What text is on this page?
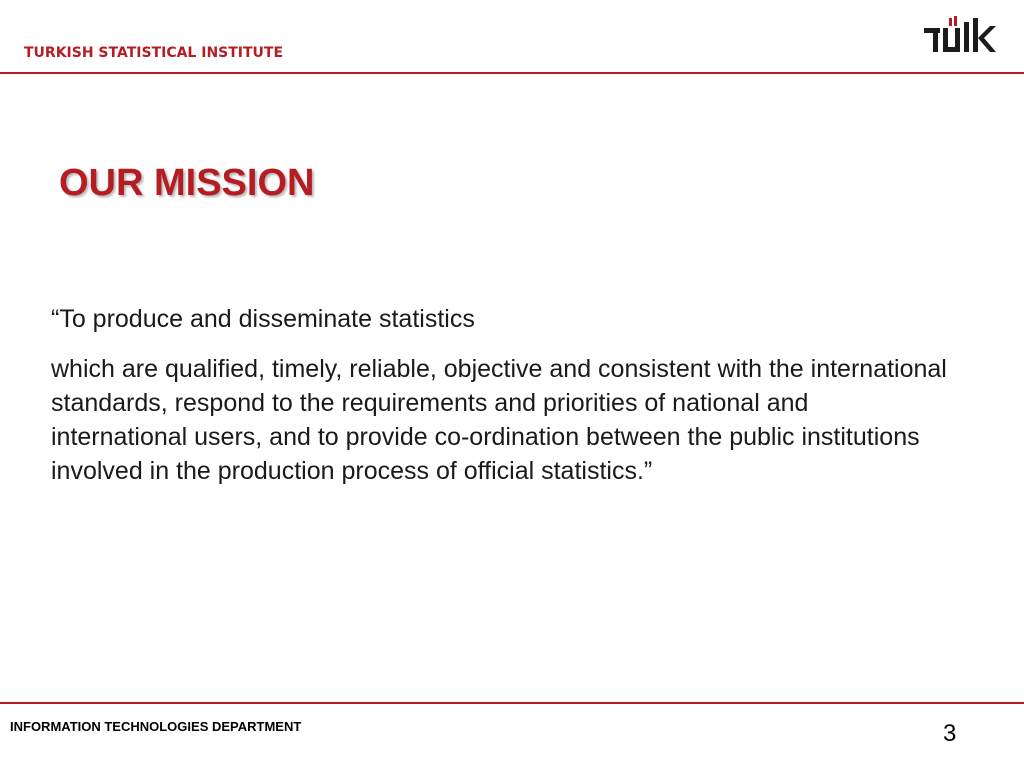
TURKISH STATISTICAL INSTITUTE
OUR MISSION

“To produce and disseminate statistics

which are qualified, timely, reliable, objective and consistent with the international standards, respond to the requirements and priorities of national and international users, and to provide co-ordination between the public institutions involved in the production process of official statistics.”

INFORMATION TECHNOLOGIES DEPARTMENT	3
